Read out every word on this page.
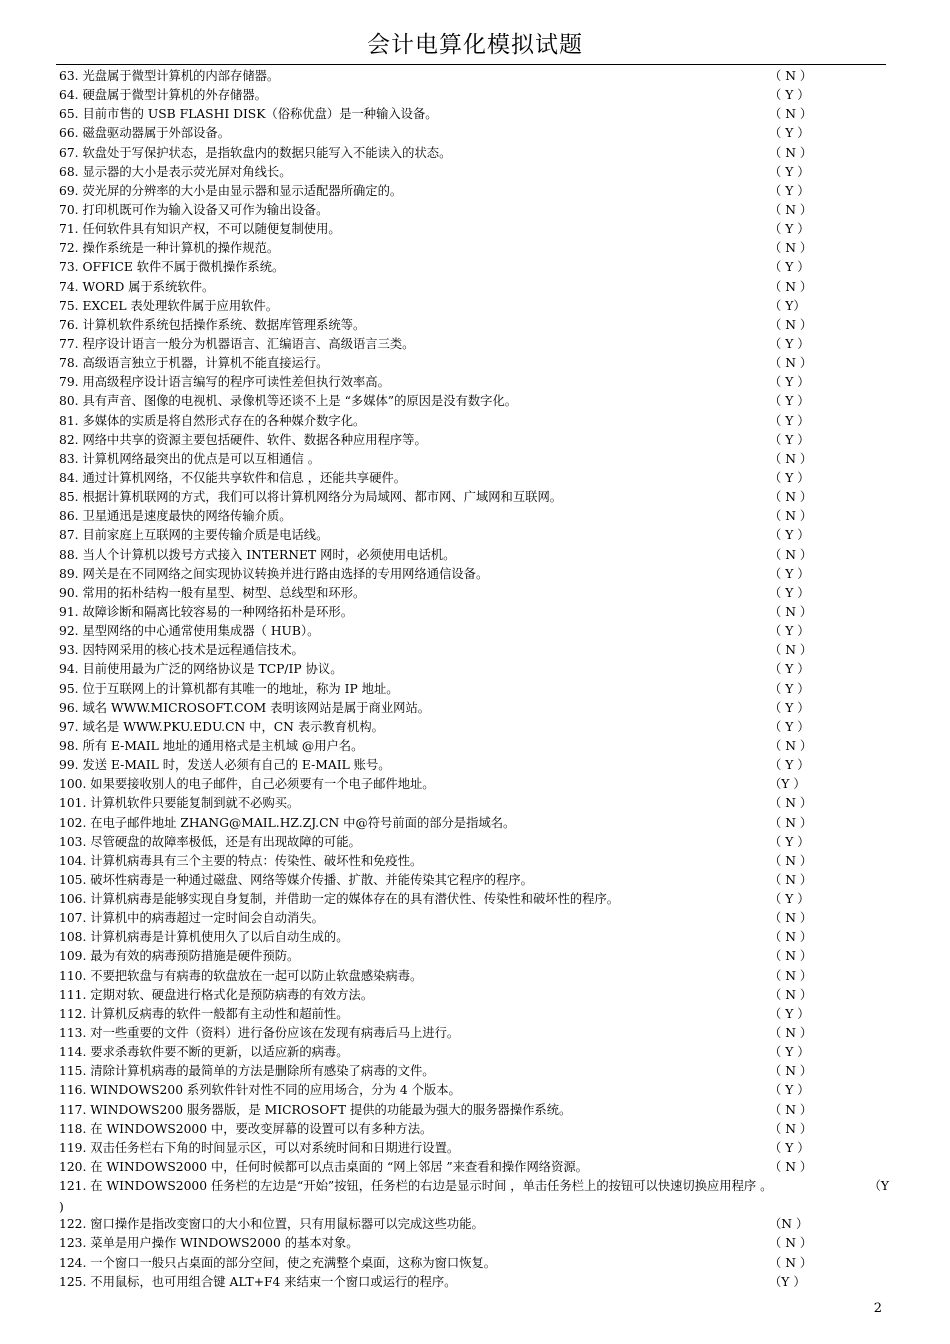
会计电算化模拟试题
63. 光盘属于微型计算机的内部存储器。	（ N ）
64. 硬盘属于微型计算机的外存储器。	（ Y ）
65. 目前市售的 USB FLASHI DISK（俗称优盘）是一种输入设备。	（ N ）
66. 磁盘驱动器属于外部设备。	（ Y ）
67. 软盘处于写保护状态，是指软盘内的数据只能写入不能读入的状态。	（ N ）
68. 显示器的大小是表示荧光屏对角线长。	（ Y ）
69. 荧光屏的分辨率的大小是由显示器和显示适配器所确定的。	（ Y ）
70. 打印机既可作为输入设备又可作为输出设备。	（ N ）
71. 任何软件具有知识产权，不可以随便复制使用。	（ Y ）
72. 操作系统是一种计算机的操作规范。	（ N ）
73. OFFICE 软件不属于微机操作系统。	（ Y ）
74. WORD 属于系统软件。	（ N ）
75. EXCEL 表处理软件属于应用软件。	（ Y）
76. 计算机软件系统包括操作系统、数据库管理系统等。	（ N ）
77. 程序设计语言一般分为机器语言、汇编语言、高级语言三类。	（ Y ）
78. 高级语言独立于机器，计算机不能直接运行。	（ N ）
79. 用高级程序设计语言编写的程序可读性差但执行效率高。	（ Y ）
80. 具有声音、图像的电视机、录像机等还谈不上是 “多媒体”的原因是没有数字化。	（ Y ）
81. 多媒体的实质是将自然形式存在的各种媒介数字化。	（ Y ）
82. 网络中共享的资源主要包括硬件、软件、数据各种应用程序等。	（ Y ）
83. 计算机网络最突出的优点是可以互相通信 。	（ N ）
84. 通过计算机网络，不仅能共享软件和信息 ，还能共享硬件。	（ Y ）
85. 根据计算机联网的方式，我们可以将计算机网络分为局域网、都市网、广域网和互联网。	（ N ）
86. 卫星通迅是速度最快的网络传输介质。	（ N ）
87. 目前家庭上互联网的主要传输介质是电话线。	（ Y ）
88. 当人个计算机以拨号方式接入 INTERNET 网时，必须使用电话机。	（ N ）
89. 网关是在不同网络之间实现协议转换并进行路由选择的专用网络通信设备。	（ Y ）
90. 常用的拓朴结构一般有星型、树型、总线型和环形。	（ Y ）
91. 故障诊断和隔离比较容易的一种网络拓朴是环形。	（ N ）
92. 星型网络的中心通常使用集成器（ HUB）。	（ Y ）
93. 因特网采用的核心技术是远程通信技术。	（ N ）
94. 目前使用最为广泛的网络协议是 TCP/IP 协议。	（ Y ）
95. 位于互联网上的计算机都有其唯一的地址，称为 IP 地址。	（ Y ）
96. 域名 WWW.MICROSOFT.COM 表明该网站是属于商业网站。	（ Y ）
97. 域名是 WWW.PKU.EDU.CN 中，CN 表示教育机构。	（ Y ）
98. 所有 E-MAIL 地址的通用格式是主机域 @用户名。	（ N ）
99. 发送 E-MAIL 时，发送人必须有自己的 E-MAIL 账号。	（ Y ）
100. 如果要接收别人的电子邮件，自己必须要有一个电子邮件地址。	（Y ）
101. 计算机软件只要能复制到就不必购买。	（ N ）
102. 在电子邮件地址 ZHANG@MAIL.HZ.ZJ.CN 中@符号前面的部分是指域名。	（ N ）
103. 尽管硬盘的故障率极低，还是有出现故障的可能。	（ Y ）
104. 计算机病毒具有三个主要的特点：传染性、破坏性和免疫性。	（ N ）
105. 破坏性病毒是一种通过磁盘、网络等媒介传播、扩散、并能传染其它程序的程序。	（ N ）
106. 计算机病毒是能够实现自身复制，并借助一定的媒体存在的具有潜伏性、传染性和破坏性的程序。	（ Y ）
107. 计算机中的病毒超过一定时间会自动消失。	（ N ）
108. 计算机病毒是计算机使用久了以后自动生成的。	（ N ）
109. 最为有效的病毒预防措施是硬件预防。	（ N ）
110. 不要把软盘与有病毒的软盘放在一起可以防止软盘感染病毒。	（ N ）
111. 定期对软、硬盘进行格式化是预防病毒的有效方法。	（ N ）
112. 计算机反病毒的软件一般都有主动性和超前性。	（ Y ）
113. 对一些重要的文件（资料）进行备份应该在发现有病毒后马上进行。	（ N ）
114. 要求杀毒软件要不断的更新，以适应新的病毒。	（ Y ）
115. 清除计算机病毒的最简单的方法是删除所有感染了病毒的文件。	（ N ）
116. WINDOWS200 系列软件针对性不同的应用场合，分为 4 个版本。	（ Y ）
117. WINDOWS200 服务器版，是 MICROSOFT 提供的功能最为强大的服务器操作系统。	（ N ）
118. 在 WINDOWS2000 中，要改变屏幕的设置可以有多种方法。	（ N ）
119. 双击任务栏右下角的时间显示区，可以对系统时间和日期进行设置。	（ Y ）
120. 在 WINDOWS2000 中，任何时候都可以点击桌面的 “网上邻居 ”来查看和操作网络资源。	（ N ）
121. 在 WINDOWS2000 任务栏的左边是“开始”按钮，任务栏的右边是显示时间 ，单击任务栏上的按钮可以快速切换应用程序 。	（Y
122. 窗口操作是指改变窗口的大小和位置，只有用鼠标器可以完成这些功能。	（N ）
123. 菜单是用户操作 WINDOWS2000 的基本对象。	（ N ）
124. 一个窗口一般只占桌面的部分空间，使之充满整个桌面，这称为窗口恢复。	（ N ）
125. 不用鼠标，也可用组合键 ALT+F4 来结束一个窗口或运行的程序。	（Y ）
)
2
